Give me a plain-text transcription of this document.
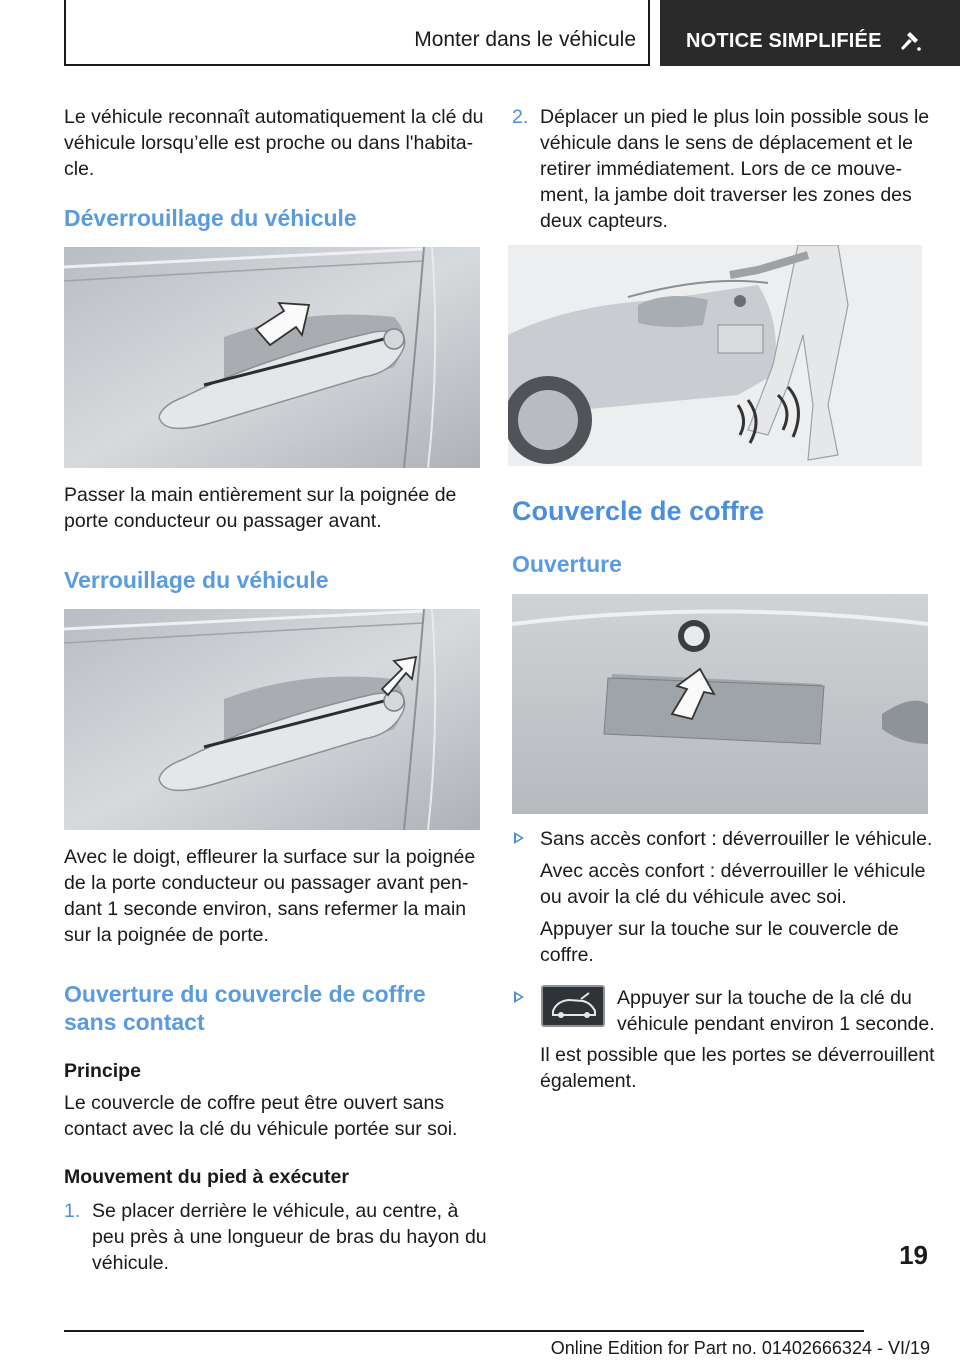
Monter dans le véhicule	NOTICE SIMPLIFIÉE
Le véhicule reconnaît automatiquement la clé du
véhicule lorsqu’elle est proche ou dans l'habita‐
cle.
Déverrouillage du véhicule
Passer la main entièrement sur la poignée de
porte conducteur ou passager avant.
Verrouillage du véhicule
Avec le doigt, effleurer la surface sur la poignée
de la porte conducteur ou passager avant pen‐
dant 1 seconde environ, sans refermer la main
sur la poignée de porte.
Ouverture du couvercle de coffre
sans contact
Principe
Le couvercle de coffre peut être ouvert sans
contact avec la clé du véhicule portée sur soi.
Mouvement du pied à exécuter
1. Se placer derrière le véhicule, au centre, à
peu près à une longueur de bras du hayon du
véhicule.
2. Déplacer un pied le plus loin possible sous le
véhicule dans le sens de déplacement et le
retirer immédiatement. Lors de ce mouve‐
ment, la jambe doit traverser les zones des
deux capteurs.
Couvercle de coffre
Ouverture
Sans accès confort : déverrouiller le véhicule.
Avec accès confort : déverrouiller le véhicule
ou avoir la clé du véhicule avec soi.
Appuyer sur la touche sur le couvercle de
coffre.
Appuyer sur la touche de la clé du
véhicule pendant environ 1 seconde.
Il est possible que les portes se déverrouillent
également.
19
Online Edition for Part no. 01402666324 - VI/19
